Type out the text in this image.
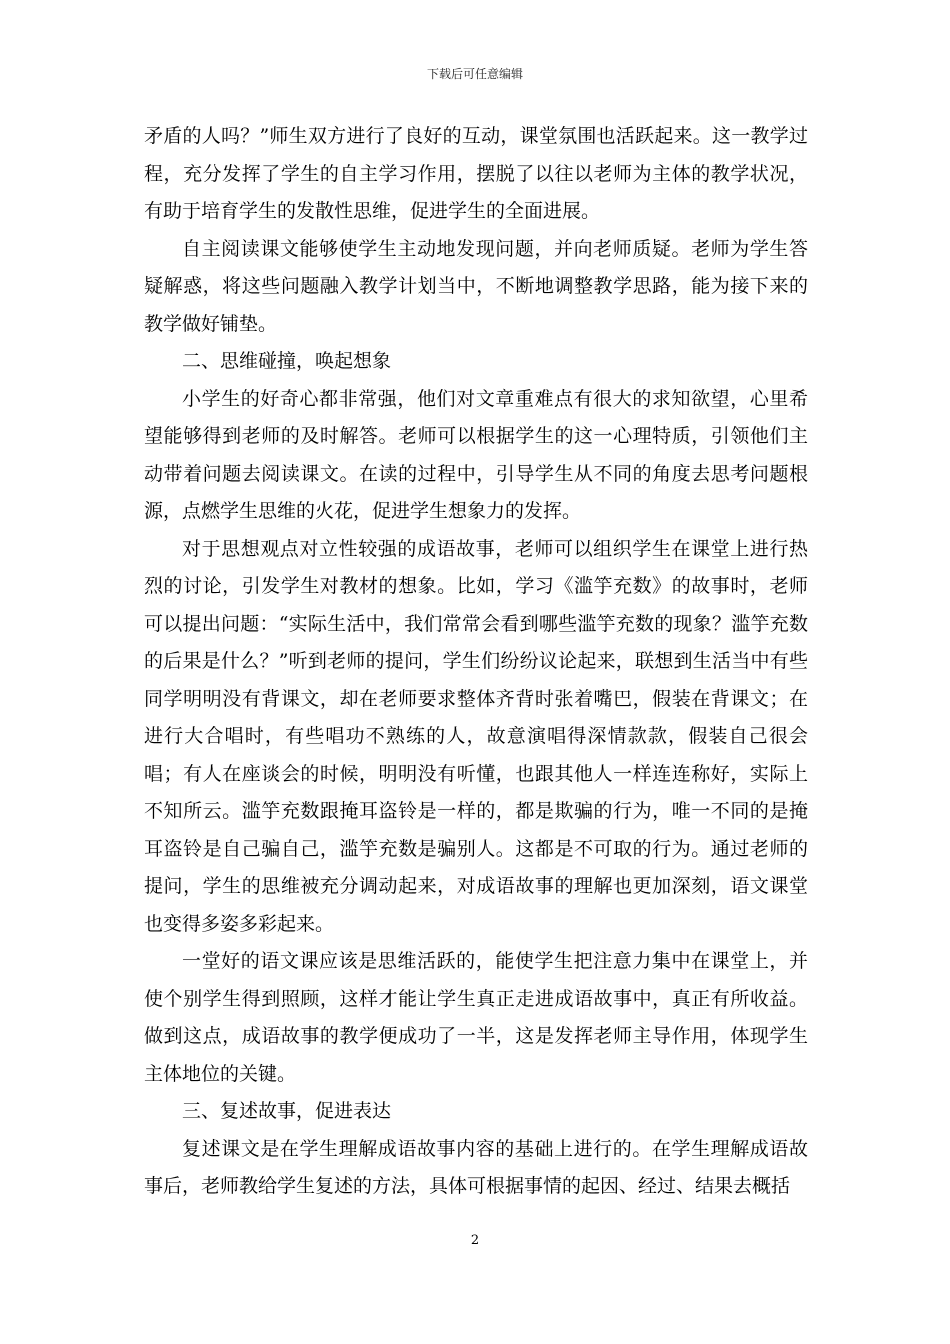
下载后可任意编辑

矛盾的人吗？”师生双方进行了良好的互动，课堂氛围也活跃起来。这一教学过程，充分发挥了学生的自主学习作用，摆脱了以往以老师为主体的教学状况，有助于培育学生的发散性思维，促进学生的全面进展。

自主阅读课文能够使学生主动地发现问题，并向老师质疑。老师为学生答疑解惑，将这些问题融入教学计划当中，不断地调整教学思路，能为接下来的教学做好铺垫。

二、思维碰撞，唤起想象

小学生的好奇心都非常强，他们对文章重难点有很大的求知欲望，心里希望能够得到老师的及时解答。老师可以根据学生的这一心理特质，引领他们主动带着问题去阅读课文。在读的过程中，引导学生从不同的角度去思考问题根源，点燃学生思维的火花，促进学生想象力的发挥。

对于思想观点对立性较强的成语故事，老师可以组织学生在课堂上进行热烈的讨论，引发学生对教材的想象。比如，学习《滥竽充数》的故事时，老师可以提出问题：“实际生活中，我们常常会看到哪些滥竽充数的现象？滥竽充数的后果是什么？”听到老师的提问，学生们纷纷议论起来，联想到生活当中有些同学明明没有背课文，却在老师要求整体齐背时张着嘴巴，假装在背课文；在进行大合唱时，有些唱功不熟练的人，故意演唱得深情款款，假装自己很会唱；有人在座谈会的时候，明明没有听懂，也跟其他人一样连连称好，实际上不知所云。滥竽充数跟掩耳盗铃是一样的，都是欺骗的行为，唯一不同的是掩耳盗铃是自己骗自己，滥竽充数是骗别人。这都是不可取的行为。通过老师的提问，学生的思维被充分调动起来，对成语故事的理解也更加深刻，语文课堂也变得多姿多彩起来。

一堂好的语文课应该是思维活跃的，能使学生把注意力集中在课堂上，并使个别学生得到照顾，这样才能让学生真正走进成语故事中，真正有所收益。做到这点，成语故事的教学便成功了一半，这是发挥老师主导作用，体现学生主体地位的关键。

三、复述故事，促进表达

复述课文是在学生理解成语故事内容的基础上进行的。在学生理解成语故事后，老师教给学生复述的方法，具体可根据事情的起因、经过、结果去概括

2
